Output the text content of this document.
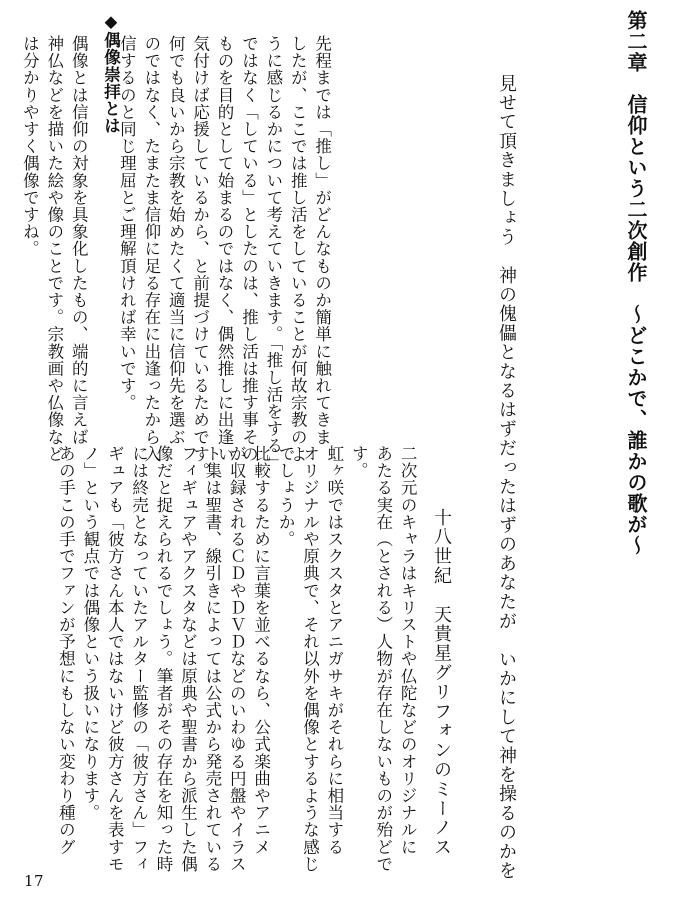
第二章　信仰という二次創作　～どこかで、誰かの歌が～

見せて頂きましょう　神の傀儡となるはずだったはずのあなたが　いかにして神を操るのかを

十八世紀　天貴星グリフォンのミーノス

先程までは「推し」がどんなものか簡単に触れてきま

したが、ここでは推し活をしていることが何故宗教のよ

うに感じるかについて考えていきます。「推し活をする」

ではなく「している」としたのは、推し活は推す事その

ものを目的として始まるのではなく、偶然推しに出逢い

気付けば応援しているから、と前提づけているためです。

何でも良いから宗教を始めたくて適当に信仰先を選ぶ

のではなく、たまたま信仰に足る存在に出逢ったから入

信するのと同じ理屈とご理解頂ければ幸いです。

◆偶像崇拝とは

偶像とは信仰の対象を具象化したもの、端的に言えば

神仏などを描いた絵や像のことです。宗教画や仏像など

は分かりやすく偶像ですね。

二次元のキャラはキリストや仏陀などのオリジナルに

あたる実在（とされる）人物が存在しないものが殆どで

す。

虹ヶ咲ではスクスタとアニガサキがそれらに相当する

オリジナルや原典で、それ以外を偶像とするような感じ

でしょうか。

比較するために言葉を並べるなら、公式楽曲やアニメ

が収録されるＣＤやＤＶＤなどのいわゆる円盤やイラス

ト集は聖書、線引きによっては公式から発売されている

フィギュアやアクスタなどは原典や聖書から派生した偶

像だと捉えられるでしょう。筆者がその存在を知った時

には終売となっていたアルター監修の「彼方さん」フィ

ギュアも「彼方さん本人ではないけど彼方さんを表すモ

ノ」という観点では偶像という扱いになります。

あの手この手でファンが予想にもしない変わり種のグ

17
